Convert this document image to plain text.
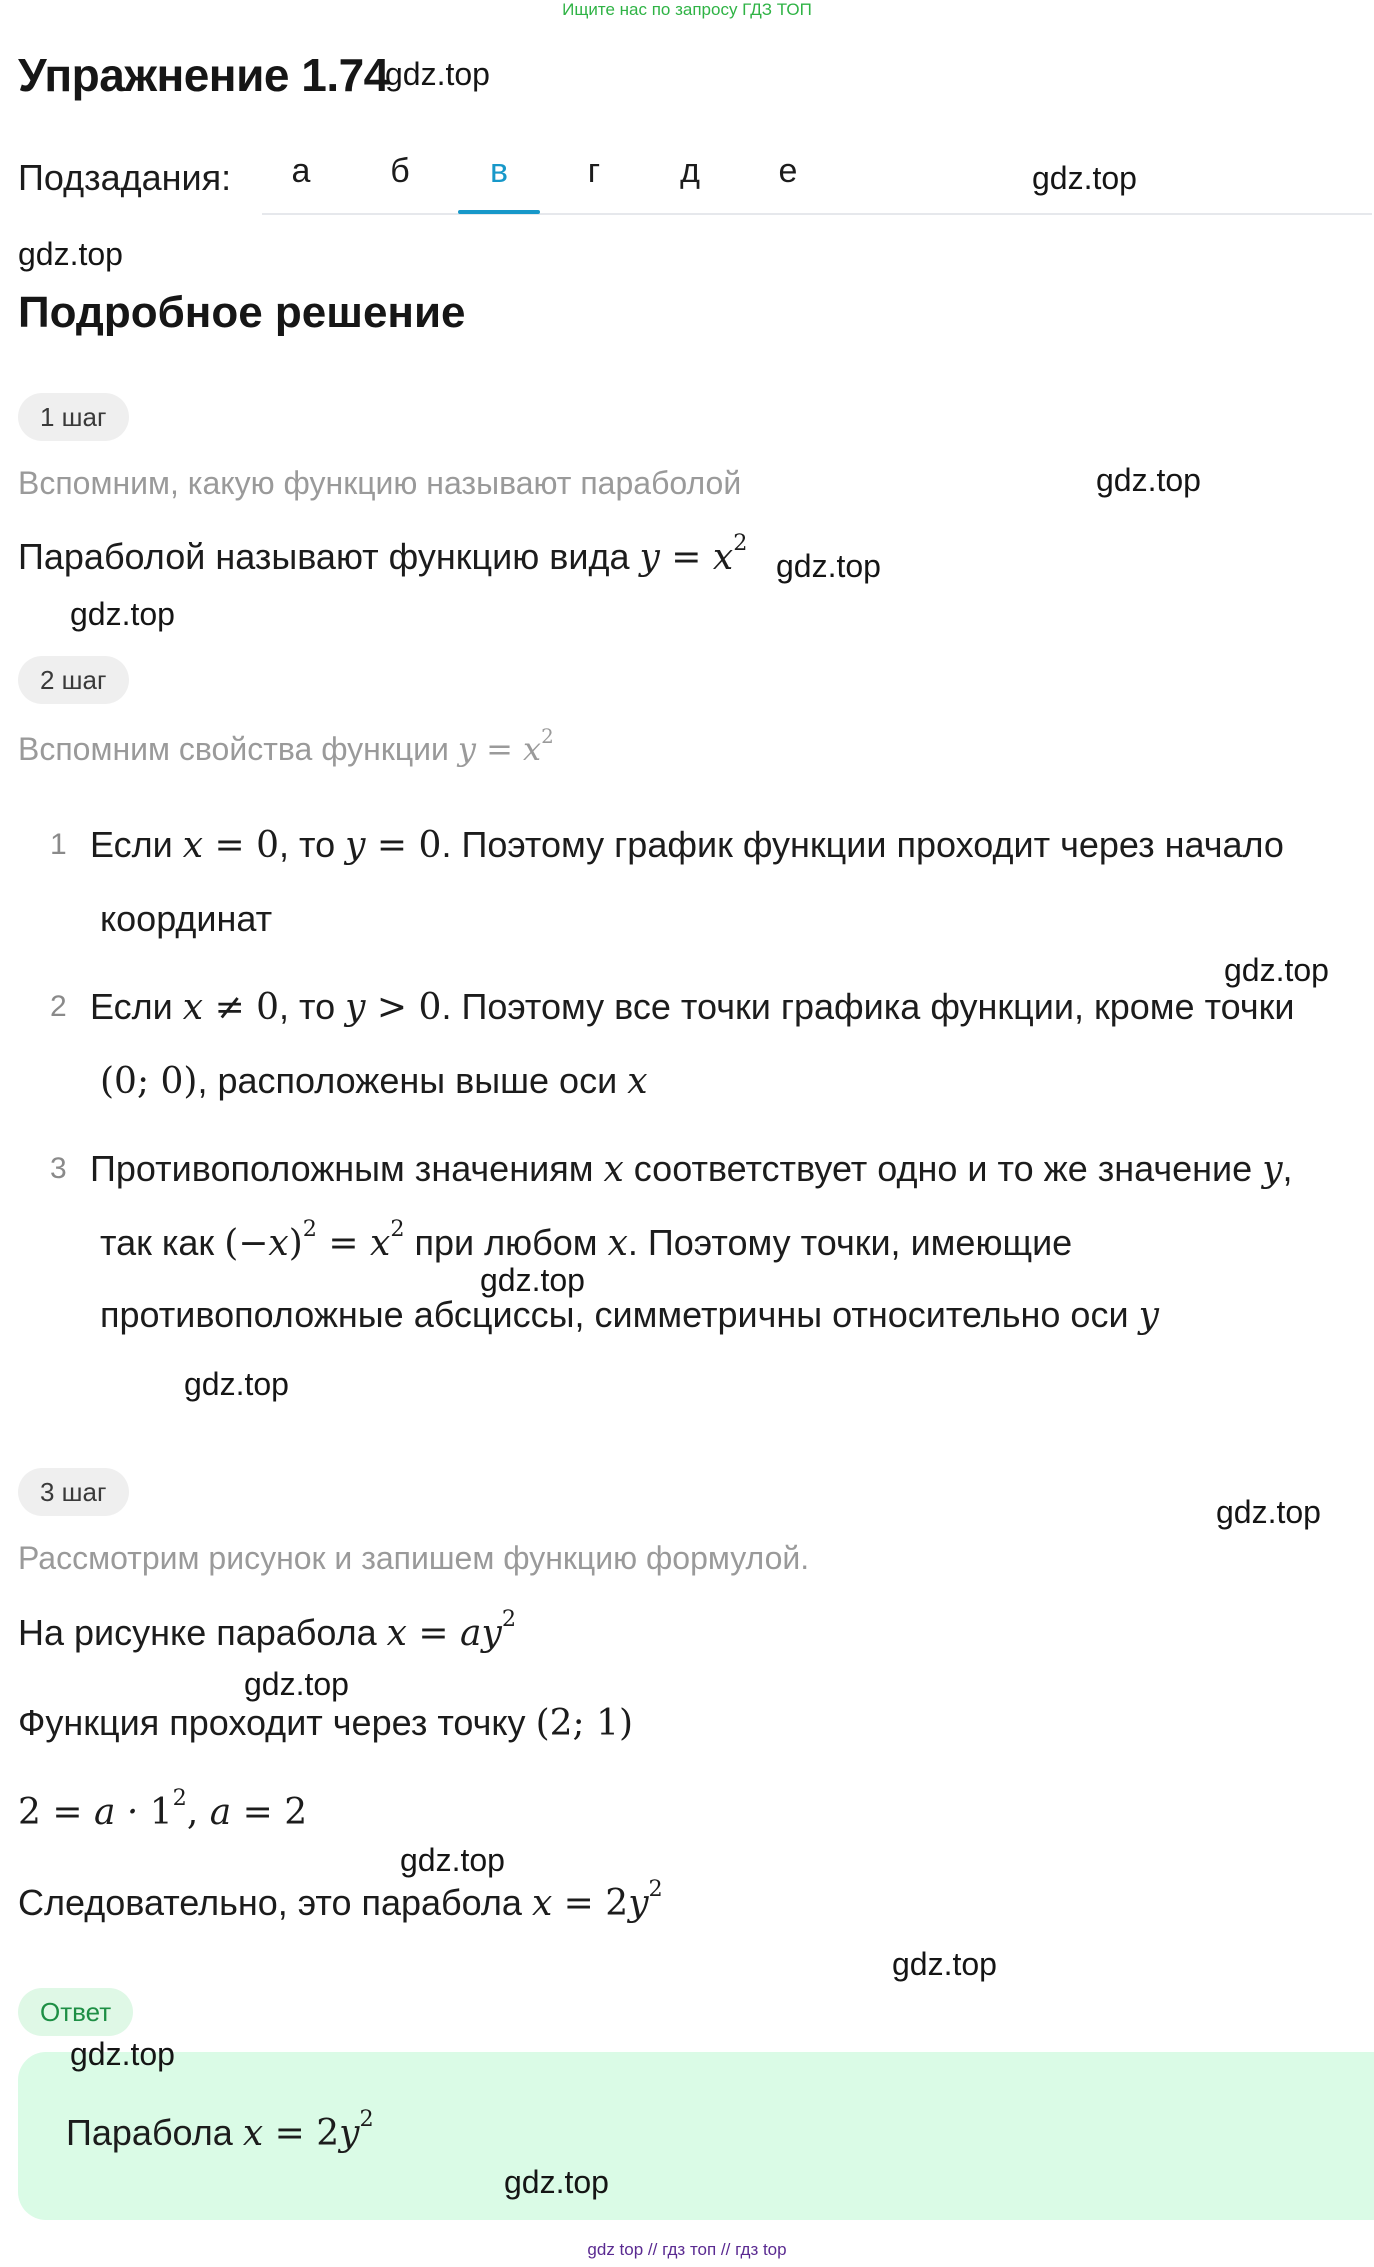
Ищите нас по запросу ГДЗ ТОП
Упражнение 1.74
gdz.top
Подзадания:	а	б	в	г	д	е	gdz.top
gdz.top
Подробное решение
1 шаг
Вспомним, какую функцию называют параболой	gdz.top
Параболой называют функцию вида $y = x^2$
gdz.top
gdz.top
2 шаг
Вспомним свойства функции $y = x^2$
1 Если x = 0, то y = 0. Поэтому график функции проходит через начало
координат
gdz.top
2 Если x ≠ 0, то y > 0. Поэтому все точки графика функции, кроме точки
(0; 0), расположены выше оси x
3 Противоположным значениям x соответствует одно и то же значение y,
так как $(-x)^2 = x^2$ при любом x. Поэтому точки, имеющие
gdz.top
противоположные абсциссы, симметричны относительно оси y
gdz.top
3 шаг
gdz.top
Рассмотрим рисунок и запишем функцию формулой.
На рисунке парабола $x = ay^2$
gdz.top
Функция проходит через точку (2; 1)
$2 = a \cdot 1^2$, a = 2
gdz.top
Следовательно, это парабола $x = 2y^2$
gdz.top
Ответ
gdz.top
Парабола $x = 2y^2$
gdz.top
gdz top // гдз топ // гдз top
